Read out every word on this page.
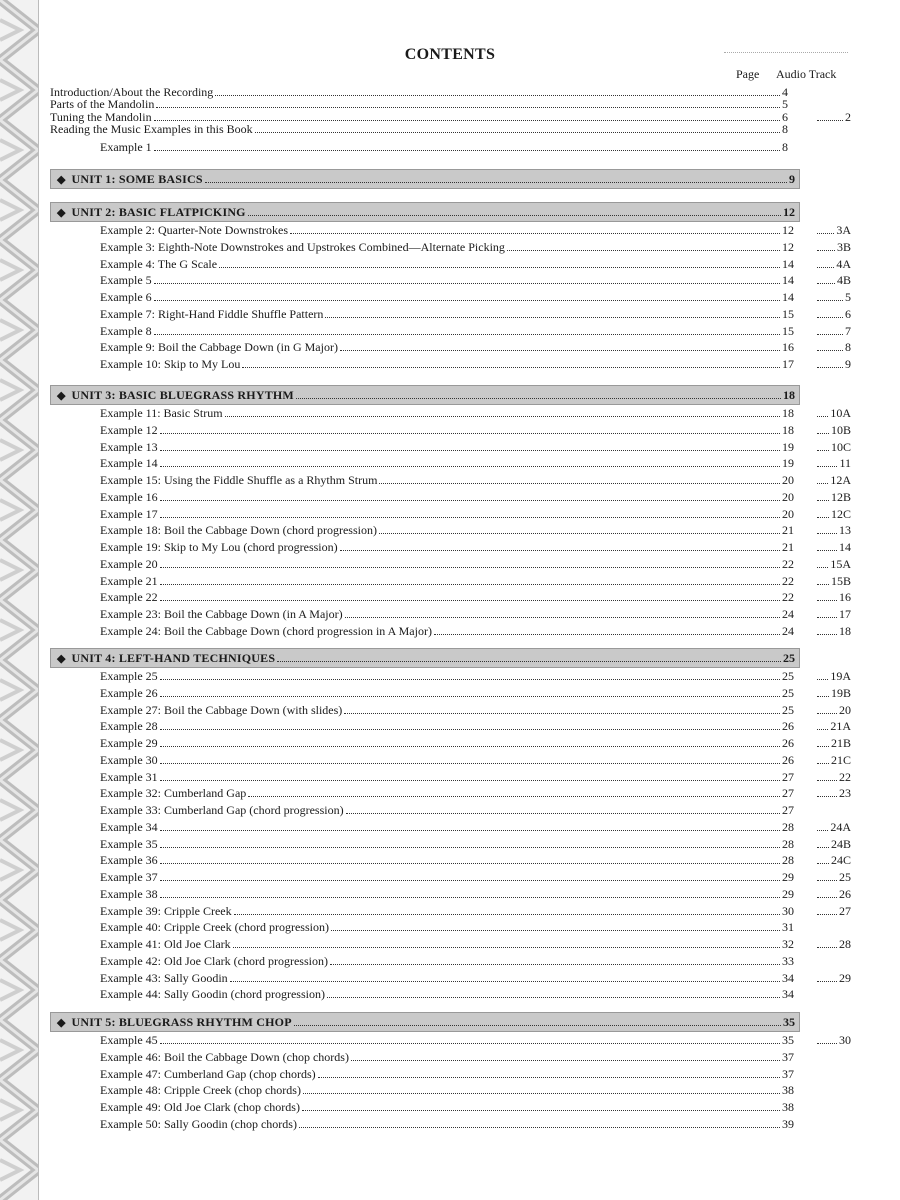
CONTENTS
Page Audio Track
Introduction/About the Recording	4
Parts of the Mandolin	5
Tuning the Mandolin	6	2
Reading the Music Examples in this Book	8
Example 1	8
◆ UNIT 1: SOME BASICS	9
◆ UNIT 2: BASIC FLATPICKING	12
Example 2: Quarter-Note Downstrokes	12	3A
Example 3: Eighth-Note Downstrokes and Upstrokes Combined—Alternate Picking	12	3B
Example 4: The G Scale	14	4A
Example 5	14	4B
Example 6	14	5
Example 7: Right-Hand Fiddle Shuffle Pattern	15	6
Example 8	15	7
Example 9: Boil the Cabbage Down (in G Major)	16	8
Example 10: Skip to My Lou	17	9
◆ UNIT 3: BASIC BLUEGRASS RHYTHM	18
Example 11: Basic Strum	18	10A
Example 12	18	10B
Example 13	19	10C
Example 14	19	11
Example 15: Using the Fiddle Shuffle as a Rhythm Strum	20	12A
Example 16	20	12B
Example 17	20	12C
Example 18: Boil the Cabbage Down (chord progression)	21	13
Example 19: Skip to My Lou (chord progression)	21	14
Example 20	22	15A
Example 21	22	15B
Example 22	22	16
Example 23: Boil the Cabbage Down (in A Major)	24	17
Example 24: Boil the Cabbage Down (chord progression in A Major)	24	18
◆ UNIT 4: LEFT-HAND TECHNIQUES	25
Example 25	25	19A
Example 26	25	19B
Example 27: Boil the Cabbage Down (with slides)	25	20
Example 28	26	21A
Example 29	26	21B
Example 30	26	21C
Example 31	27	22
Example 32: Cumberland Gap	27	23
Example 33: Cumberland Gap (chord progression)	27
Example 34	28	24A
Example 35	28	24B
Example 36	28	24C
Example 37	29	25
Example 38	29	26
Example 39: Cripple Creek	30	27
Example 40: Cripple Creek (chord progression)	31
Example 41: Old Joe Clark	32	28
Example 42: Old Joe Clark (chord progression)	33
Example 43: Sally Goodin	34	29
Example 44: Sally Goodin (chord progression)	34
◆ UNIT 5: BLUEGRASS RHYTHM CHOP	35
Example 45	35	30
Example 46: Boil the Cabbage Down (chop chords)	37
Example 47: Cumberland Gap (chop chords)	37
Example 48: Cripple Creek (chop chords)	38
Example 49: Old Joe Clark (chop chords)	38
Example 50: Sally Goodin (chop chords)	39
